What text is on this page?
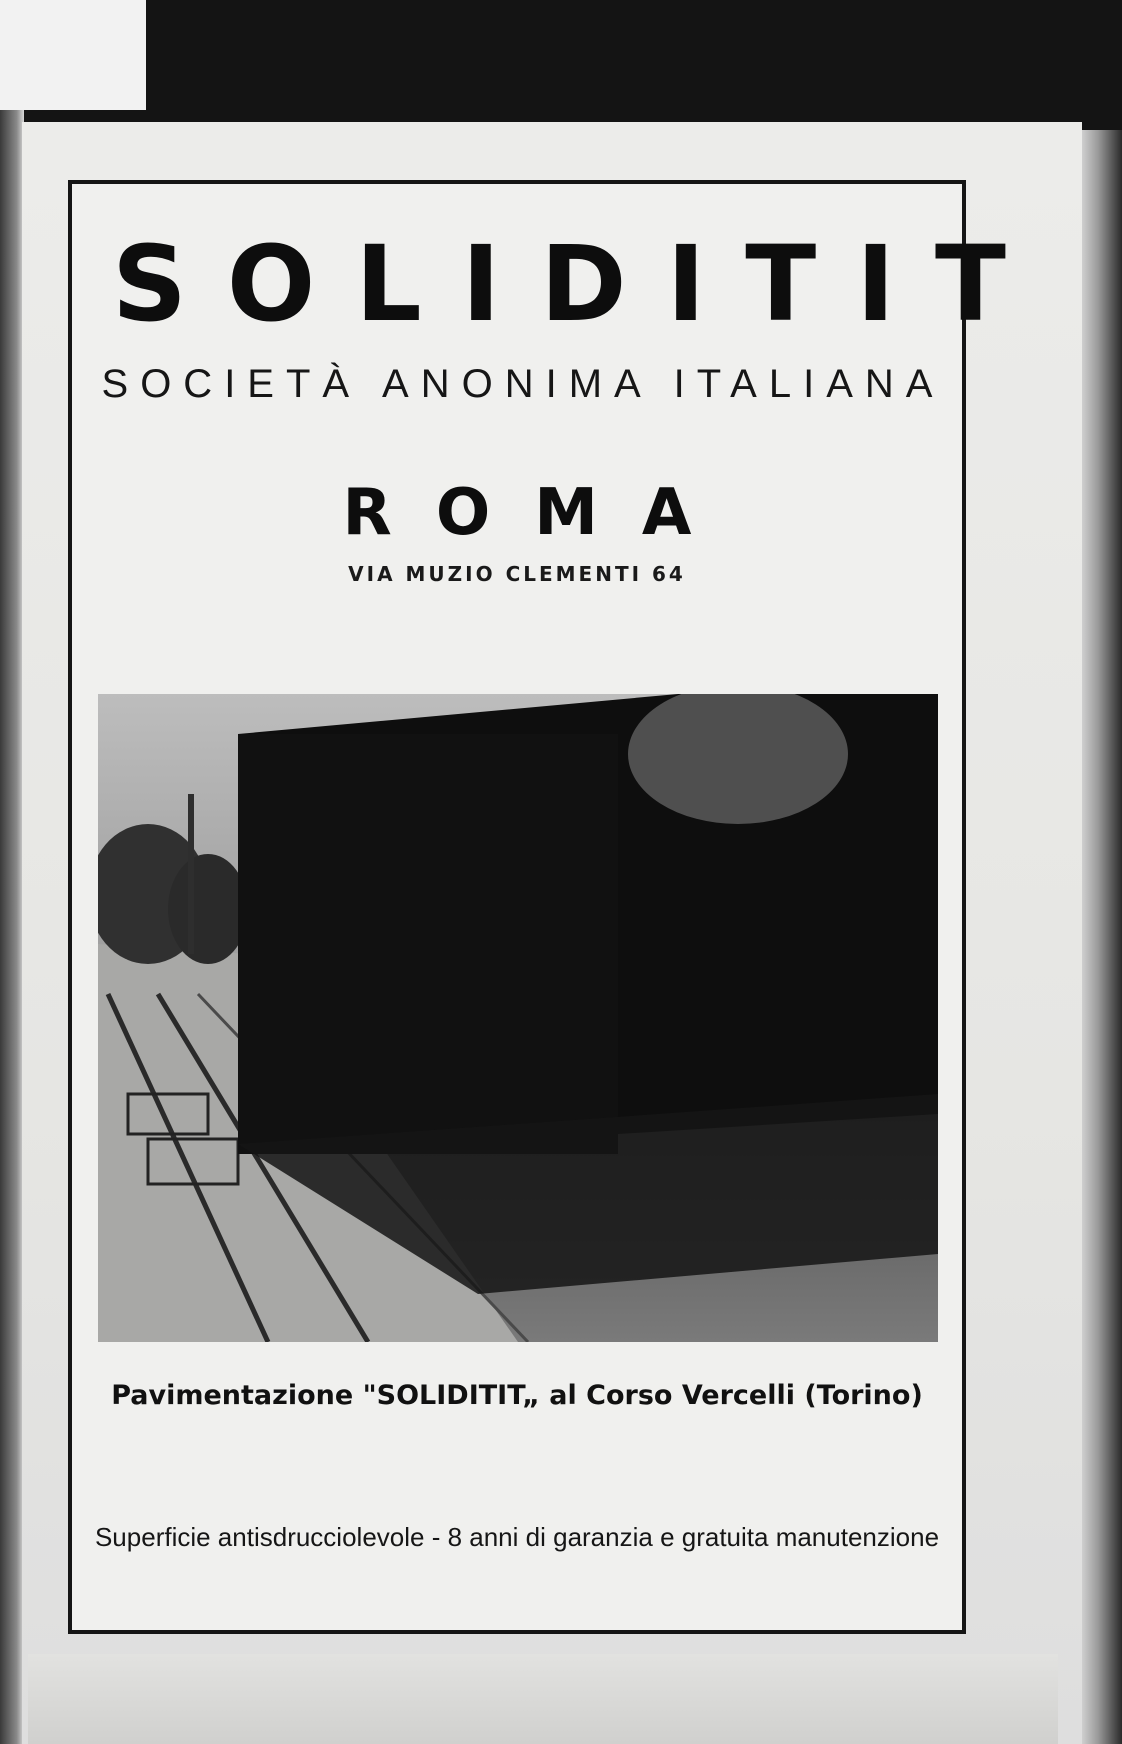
SOLIDITIT
SOCIETÀ ANONIMA ITALIANA
ROMA
VIA MUZIO CLEMENTI 64
Pavimentazione "SOLIDITIT„ al Corso Vercelli (Torino)
Superficie antisdrucciolevole - 8 anni di garanzia e gratuita manutenzione
